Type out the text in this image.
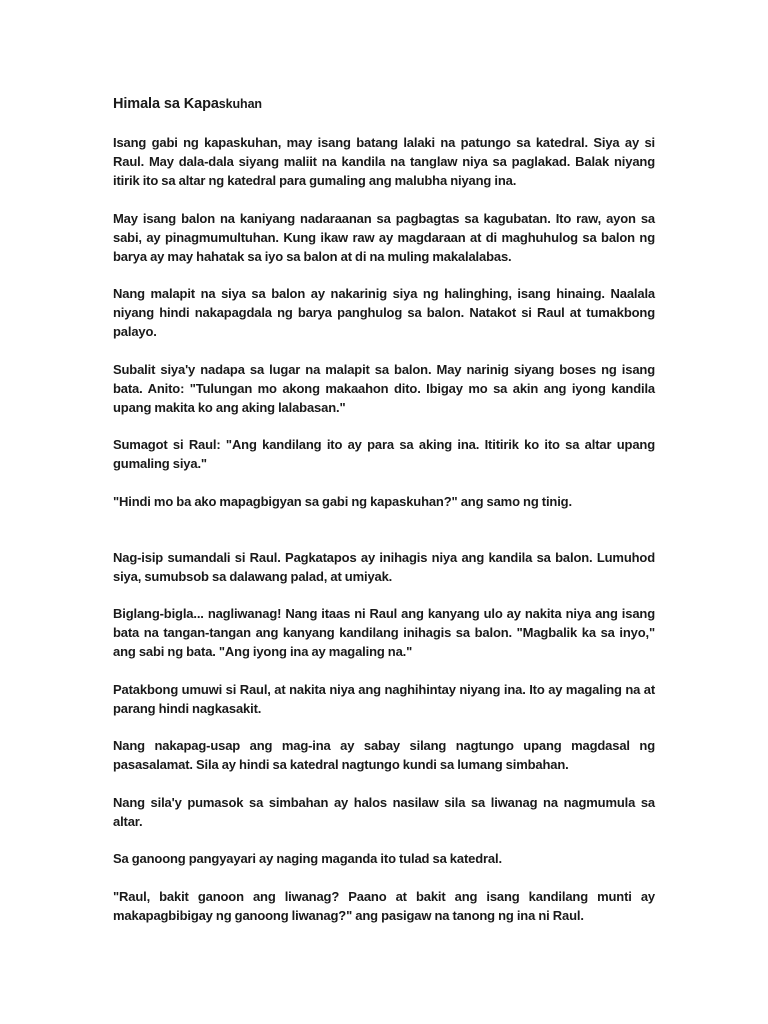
Himala sa Kapaskuhan

Isang gabi ng kapaskuhan, may isang batang lalaki na patungo sa katedral. Siya ay si Raul. May dala-dala siyang maliit na kandila na tanglaw niya sa paglakad. Balak niyang itirik ito sa altar ng katedral para gumaling ang malubha niyang ina.

May isang balon na kaniyang nadaraanan sa pagbagtas sa kagubatan. Ito raw, ayon sa sabi, ay pinagmumultuhan. Kung ikaw raw ay magdaraan at di maghuhulog sa balon ng barya ay may hahatak sa iyo sa balon at di na muling makalalabas.

Nang malapit na siya sa balon ay nakarinig siya ng halinghing, isang hinaing. Naalala niyang hindi nakapagdala ng barya panghulog sa balon. Natakot si Raul at tumakbong palayo.

Subalit siya'y nadapa sa lugar na malapit sa balon. May narinig siyang boses ng isang bata. Anito: "Tulungan mo akong makaahon dito. Ibigay mo sa akin ang iyong kandila upang makita ko ang aking lalabasan."

Sumagot si Raul: "Ang kandilang ito ay para sa aking ina. Ititirik ko ito sa altar upang gumaling siya."

"Hindi mo ba ako mapagbigyan sa gabi ng kapaskuhan?" ang samo ng tinig.

Nag-isip sumandali si Raul. Pagkatapos ay inihagis niya ang kandila sa balon. Lumuhod siya, sumubsob sa dalawang palad, at umiyak.

Biglang-bigla... nagliwanag! Nang itaas ni Raul ang kanyang ulo ay nakita niya ang isang bata na tangan-tangan ang kanyang kandilang inihagis sa balon. "Magbalik ka sa inyo," ang sabi ng bata. "Ang iyong ina ay magaling na."

Patakbong umuwi si Raul, at nakita niya ang naghihintay niyang ina. Ito ay magaling na at parang hindi nagkasakit.

Nang nakapag-usap ang mag-ina ay sabay silang nagtungo upang magdasal ng pasasalamat. Sila ay hindi sa katedral nagtungo kundi sa lumang simbahan.

Nang sila'y pumasok sa simbahan ay halos nasilaw sila sa liwanag na nagmumula sa altar.

Sa ganoong pangyayari ay naging maganda ito tulad sa katedral.

"Raul, bakit ganoon ang liwanag? Paano at bakit ang isang kandilang munti ay makapagbibigay ng ganoong liwanag?" ang pasigaw na tanong ng ina ni Raul.
